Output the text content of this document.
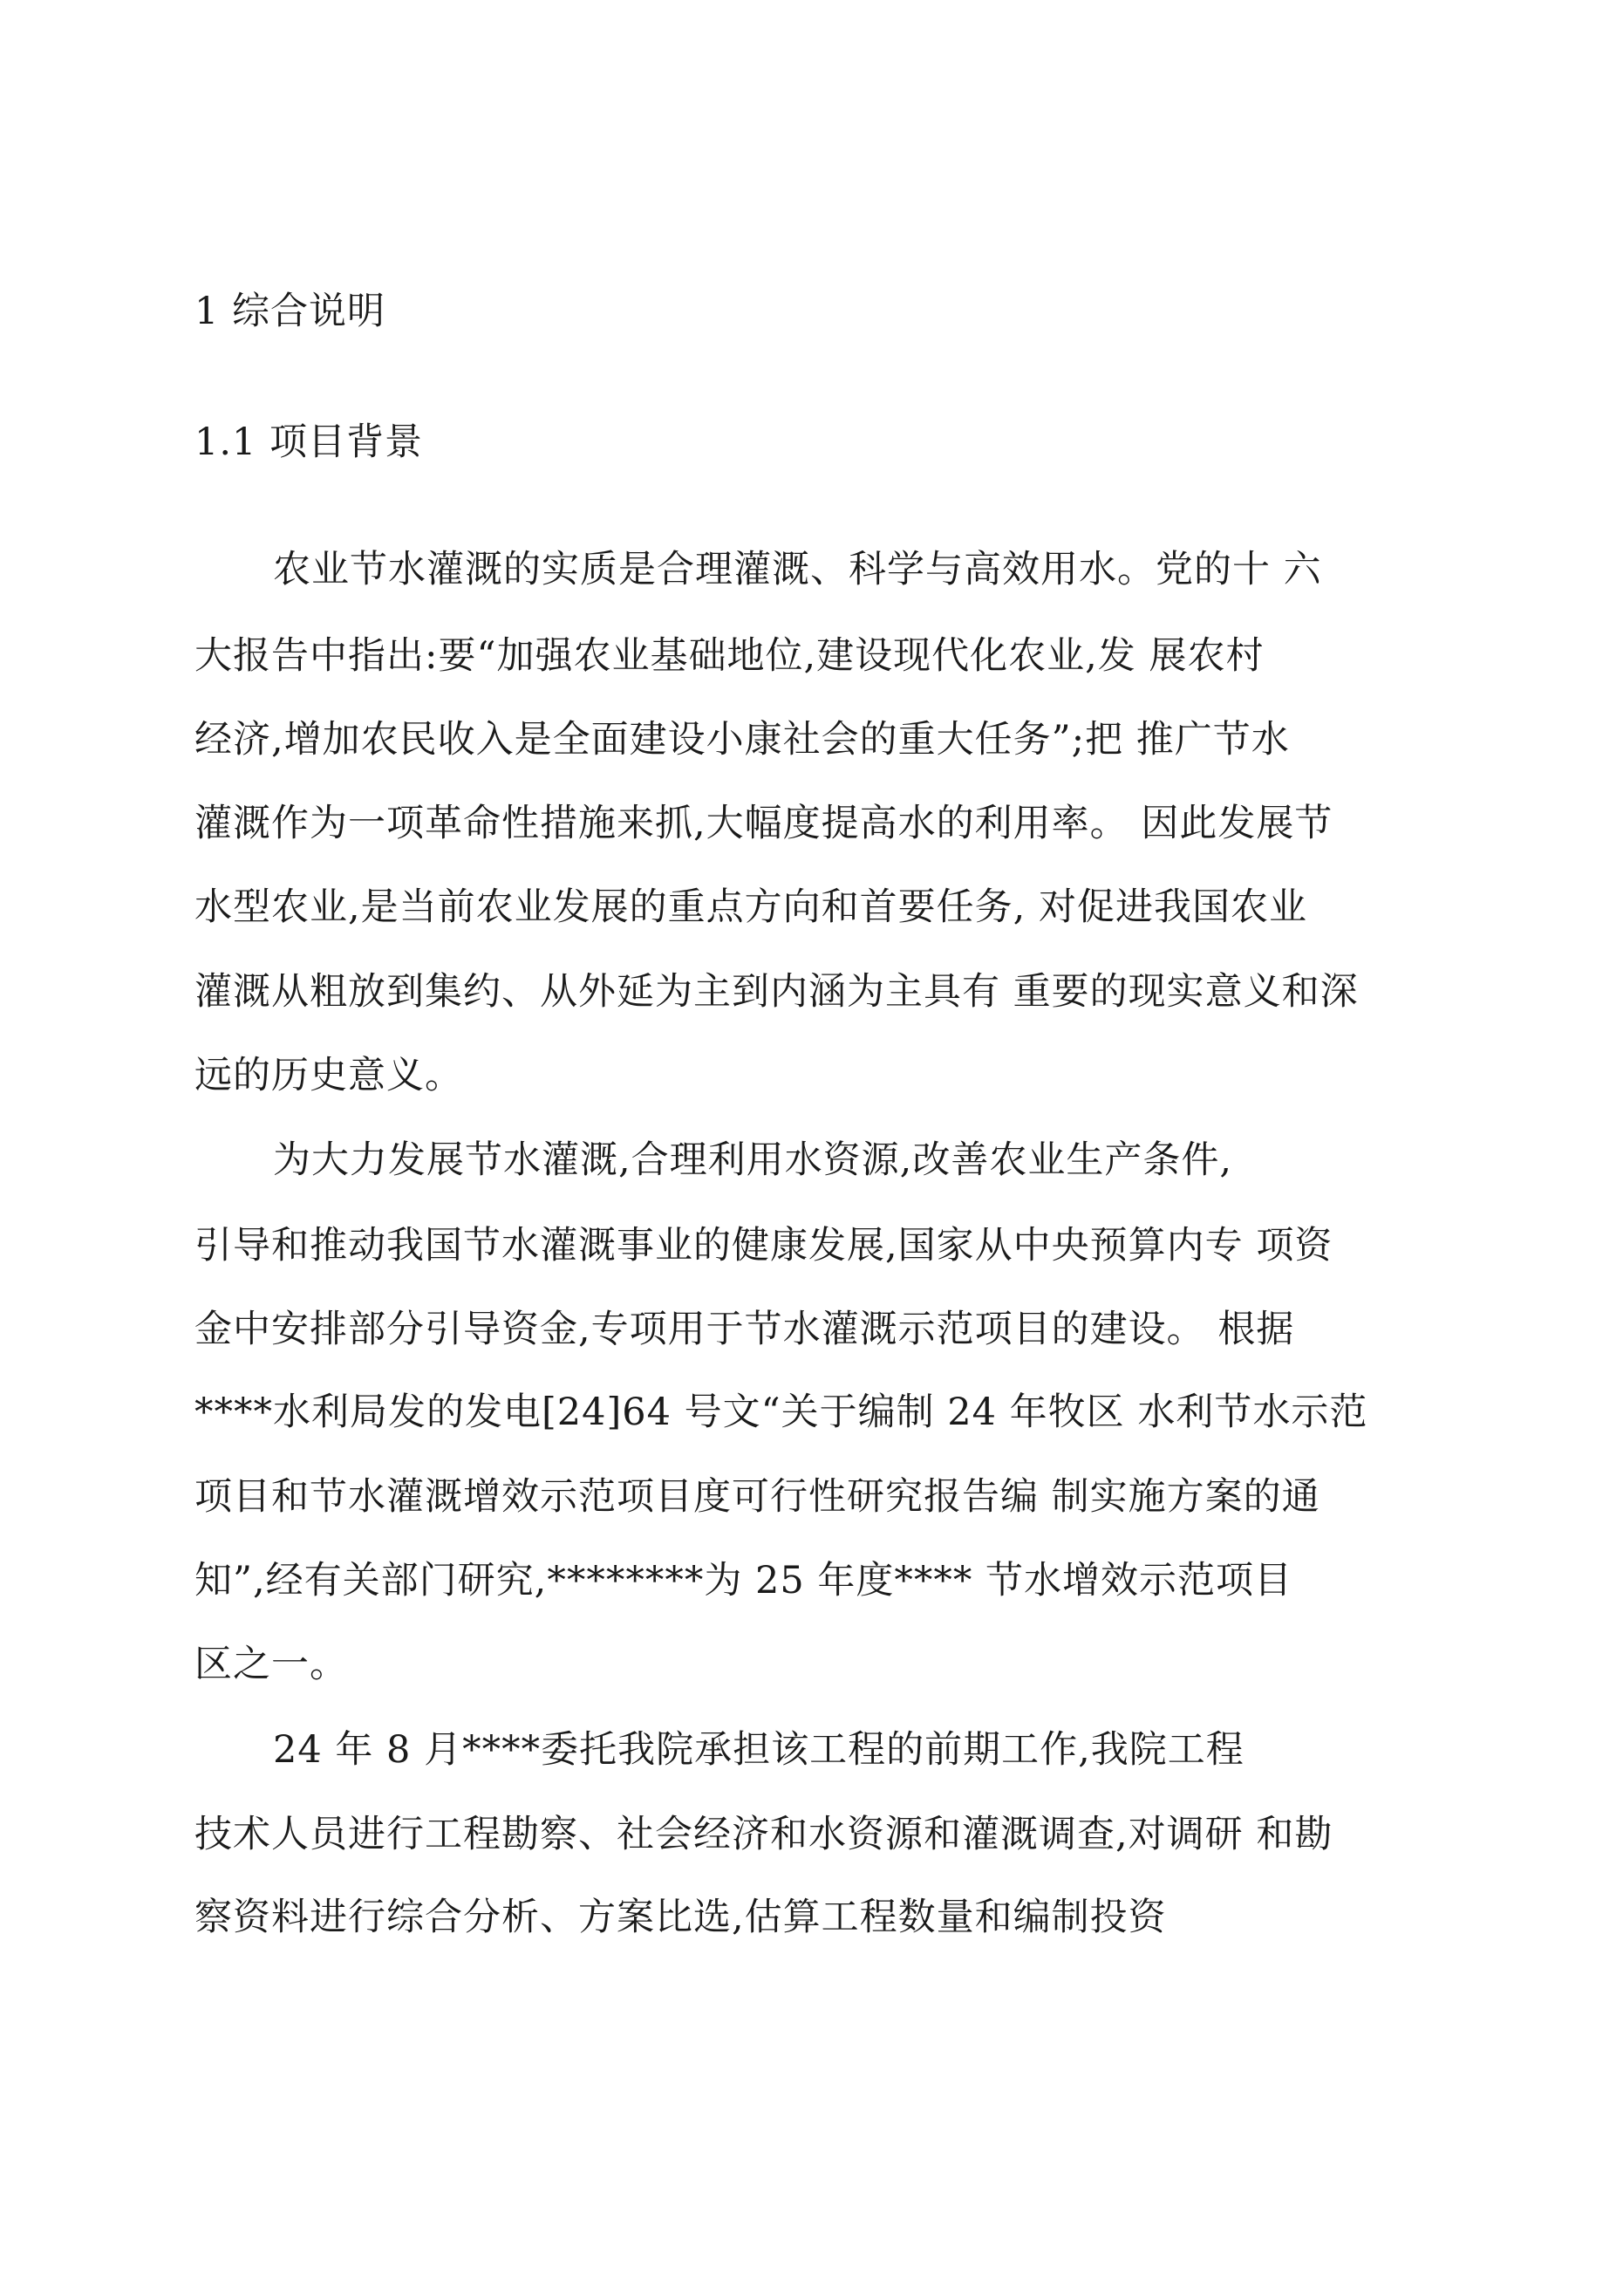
1 综合说明

1.1 项目背景

农业节水灌溉的实质是合理灌溉、科学与高效用水。党的十 六

大报告中指出:要“加强农业基础地位,建设现代化农业,发 展农村

经济,增加农民收入是全面建设小康社会的重大任务”;把 推广节水

灌溉作为一项革命性措施来抓,大幅度提高水的利用率。 因此发展节

水型农业,是当前农业发展的重点方向和首要任务, 对促进我国农业

灌溉从粗放到集约、从外延为主到内涵为主具有 重要的现实意义和深

远的历史意义。

为大力发展节水灌溉,合理利用水资源,改善农业生产条件,

引导和推动我国节水灌溉事业的健康发展,国家从中央预算内专 项资

金中安排部分引导资金,专项用于节水灌溉示范项目的建设。 根据

****水利局发的发电[24]64 号文“关于编制 24 年牧区 水利节水示范

项目和节水灌溉增效示范项目度可行性研究报告编 制实施方案的通

知”,经有关部门研究,********为 25 年度**** 节水增效示范项目

区之一。

24 年 8 月****委托我院承担该工程的前期工作,我院工程

技术人员进行工程勘察、社会经济和水资源和灌溉调查,对调研 和勘

察资料进行综合分析、方案比选,估算工程数量和编制投资
